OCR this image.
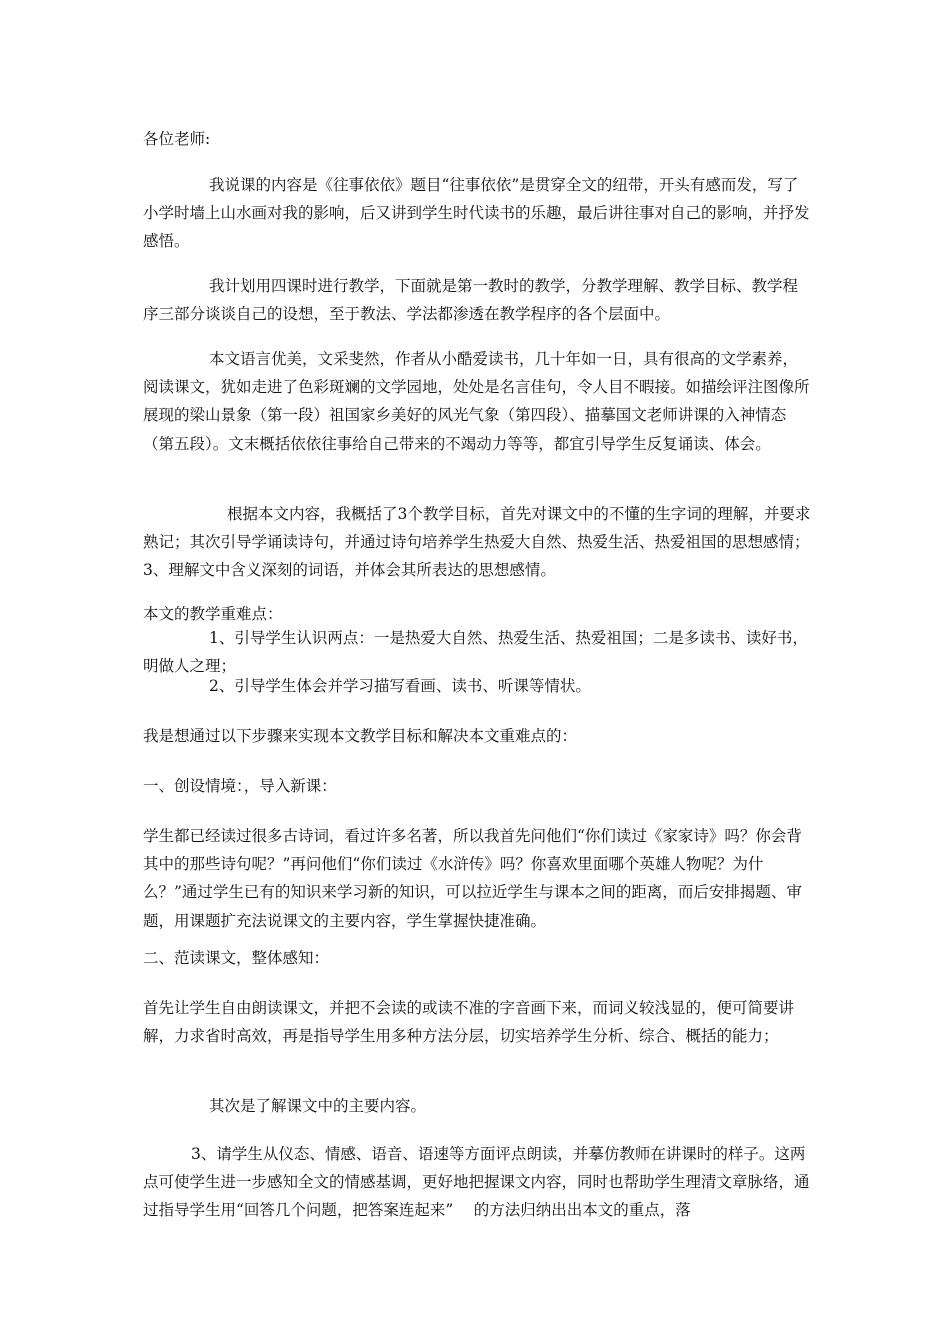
各位老师:

我说课的内容是《往事依依》题目“往事依依”是贯穿全文的纽带，开头有感而发，写了小学时墙上山水画对我的影响，后又讲到学生时代读书的乐趣，最后讲往事对自己的影响，并抒发感悟。

我计划用四课时进行教学，下面就是第一教时的教学，分教学理解、教学目标、教学程序三部分谈谈自己的设想，至于教法、学法都渗透在教学程序的各个层面中。

本文语言优美，文采斐然，作者从小酷爱读书，几十年如一日，具有很高的文学素养，阅读课文，犹如走进了色彩斑斓的文学园地，处处是名言佳句，令人目不暇接。如描绘评注图像所展现的梁山景象（第一段）祖国家乡美好的风光气象（第四段）、描摹国文老师讲课的入神情态（第五段）。文末概括依依往事给自己带来的不竭动力等等，都宜引导学生反复诵读、体会。

根据本文内容，我概括了3个教学目标，首先对课文中的不懂的生字词的理解，并要求熟记；其次引导学诵读诗句，并通过诗句培养学生热爱大自然、热爱生活、热爱祖国的思想感情；3、理解文中含义深刻的词语，并体会其所表达的思想感情。

本文的教学重难点：

1、引导学生认识两点：一是热爱大自然、热爱生活、热爱祖国；二是多读书、读好书，明做人之理；

2、引导学生体会并学习描写看画、读书、听课等情状。

我是想通过以下步骤来实现本文教学目标和解决本文重难点的：

一、创设情境：，导入新课：

学生都已经读过很多古诗词，看过许多名著，所以我首先问他们“你们读过《家家诗》吗？你会背其中的那些诗句呢？”再问他们“你们读过《水浒传》吗？你喜欢里面哪个英雄人物呢？为什么？”通过学生已有的知识来学习新的知识，可以拉近学生与课本之间的距离，而后安排揭题、审题，用课题扩充法说课文的主要内容，学生掌握快捷准确。

二、范读课文，整体感知：

首先让学生自由朗读课文，并把不会读的或读不准的字音画下来，而词义较浅显的，便可简要讲解，力求省时高效，再是指导学生用多种方法分层，切实培养学生分析、综合、概括的能力；

其次是了解课文中的主要内容。

3、请学生从仪态、情感、语音、语速等方面评点朗读，并摹仿教师在讲课时的样子。这两点可使学生进一步感知全文的情感基调，更好地把握课文内容，同时也帮助学生理清文章脉络，通过指导学生用“回答几个问题，把答案连起来”　 的方法归纳出出本文的重点，落
